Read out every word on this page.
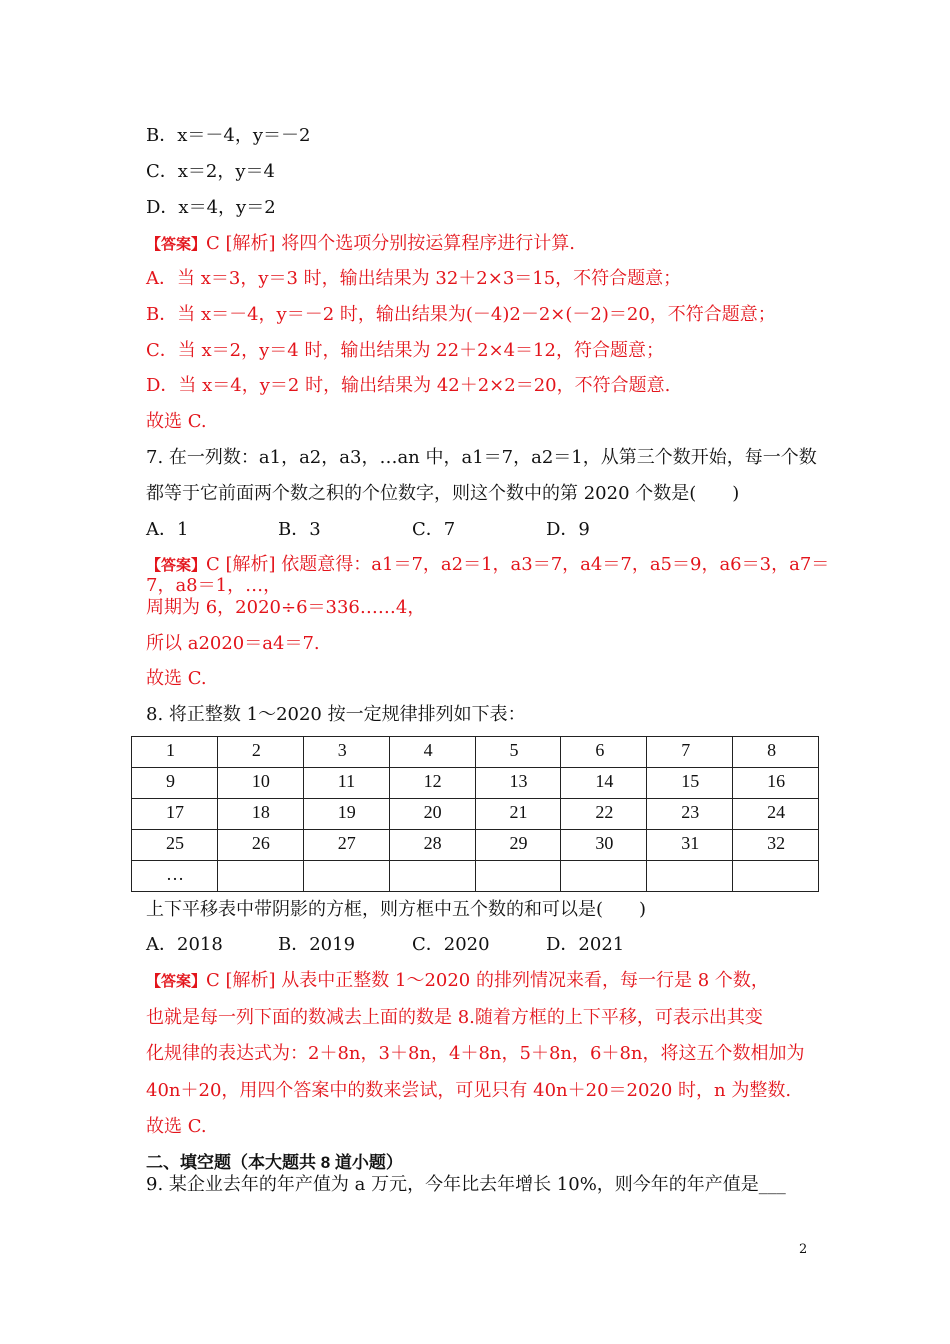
B．x＝－4，y＝－2
C．x＝2，y＝4
D．x＝4，y＝2
【答案】C [解析] 将四个选项分别按运算程序进行计算.
A．当 x＝3，y＝3 时，输出结果为 32＋2×3＝15，不符合题意；
B．当 x＝－4，y＝－2 时，输出结果为(－4)2－2×(－2)＝20，不符合题意；
C．当 x＝2，y＝4 时，输出结果为 22＋2×4＝12，符合题意；
D．当 x＝4，y＝2 时，输出结果为 42＋2×2＝20，不符合题意.
故选 C.
7. 在一列数：a1，a2，a3，…an 中，a1＝7，a2＝1，从第三个数开始，每一个数
都等于它前面两个数之积的个位数字，则这个数中的第 2020 个数是(　　)
A．1	B．3	C．7	D．9
【答案】C [解析] 依题意得：a1＝7，a2＝1，a3＝7，a4＝7，a5＝9，a6＝3，a7＝
7，a8＝1，…，
周期为 6，2020÷6＝336……4，
所以 a2020＝a4＝7.
故选 C.
8. 将正整数 1～2020 按一定规律排列如下表：
1	2	3	4	5	6	7	8
9	10	11	12	13	14	15	16
17	18	19	20	21	22	23	24
25	26	27	28	29	30	31	32
…							
上下平移表中带阴影的方框，则方框中五个数的和可以是(　　)
A．2018	B．2019	C．2020	D．2021
【答案】C [解析] 从表中正整数 1～2020 的排列情况来看，每一行是 8 个数，
也就是每一列下面的数减去上面的数是 8.随着方框的上下平移，可表示出其变
化规律的表达式为：2＋8n，3＋8n，4＋8n，5＋8n，6＋8n，将这五个数相加为
40n＋20，用四个答案中的数来尝试，可见只有 40n＋20＝2020 时，n 为整数.
故选 C.
二、填空题（本大题共 8 道小题）
9. 某企业去年的年产值为 a 万元，今年比去年增长 10%，则今年的年产值是___
2
